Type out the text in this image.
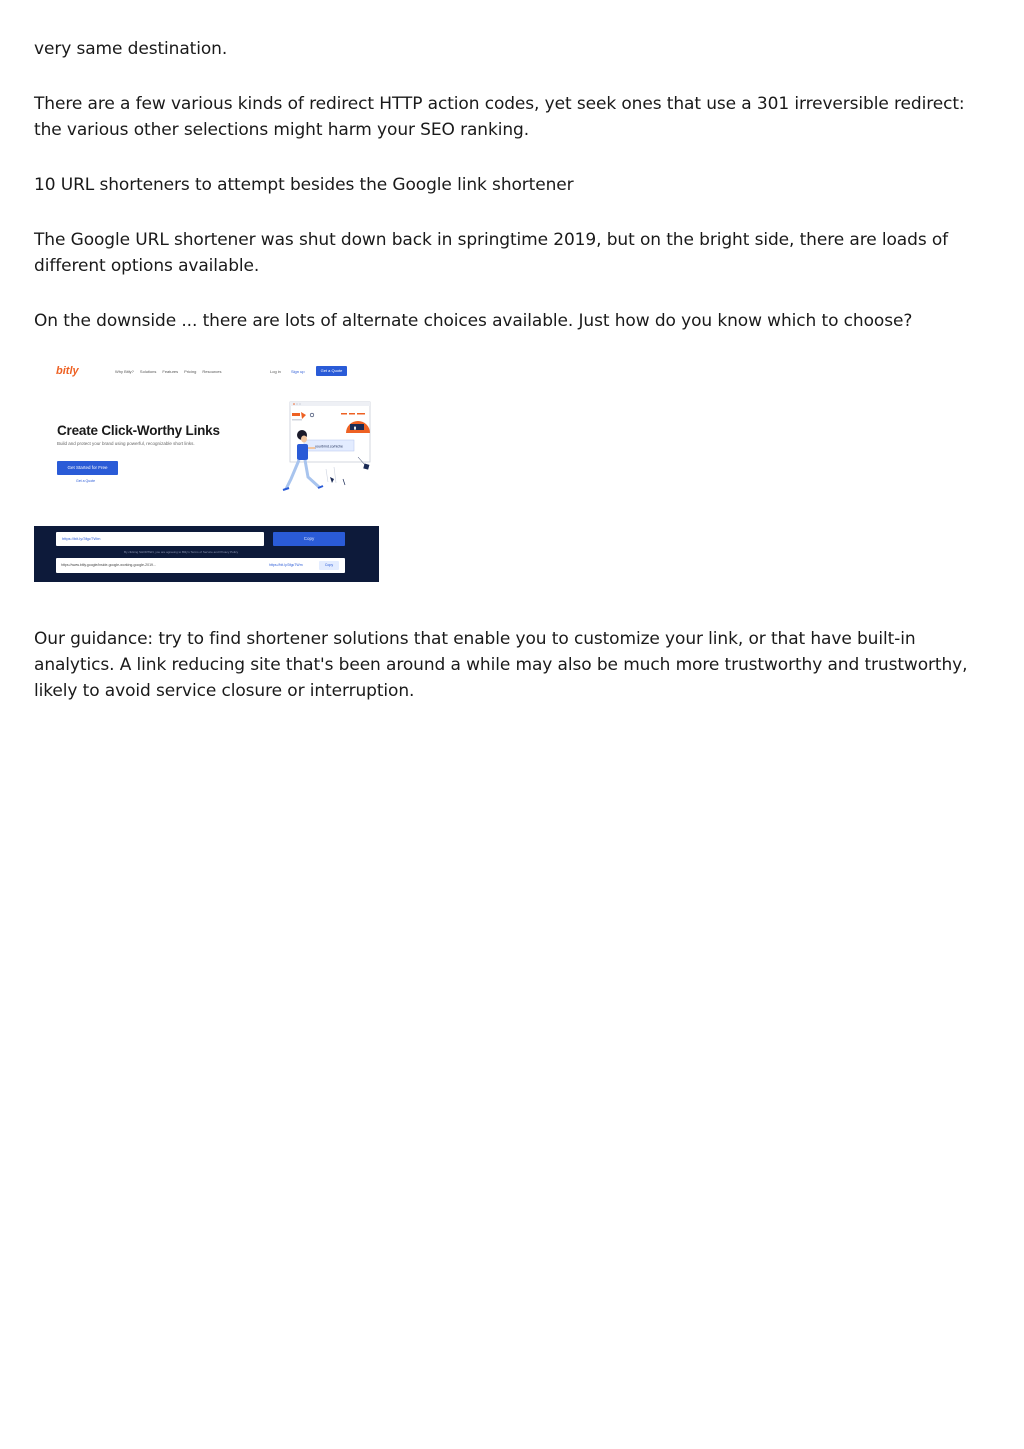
very same destination.

There are a few various kinds of redirect HTTP action codes, yet seek ones that use a 301 irreversible redirect: the various other selections might harm your SEO ranking.

10 URL shorteners to attempt besides the Google link shortener

The Google URL shortener was shut down back in springtime 2019, but on the bright side, there are loads of different options available.

On the downside ... there are lots of alternate choices available. Just how do you know which to choose?

bitly	Why Bitly? Solutions Features Pricing Resources	Log in	Sign up	Get a Quote
Create Click-Worthy Links
Build and protect your brand using powerful, recognizable short links.
Get Started for Free
Get a Quote
yourbrnd.co/niche
█
https://bit.ly/3fgcTWm	Copy
By clicking SHORTEN, you are agreeing to Bitly's Terms of Service and Privacy Policy
https://www.bitly.google/inside-google-working-google-2019...	https://bit.ly/3fgcTWm	Copy

Our guidance: try to find shortener solutions that enable you to customize your link, or that have built-in analytics. A link reducing site that's been around a while may also be much more trustworthy and trustworthy, likely to avoid service closure or interruption.
